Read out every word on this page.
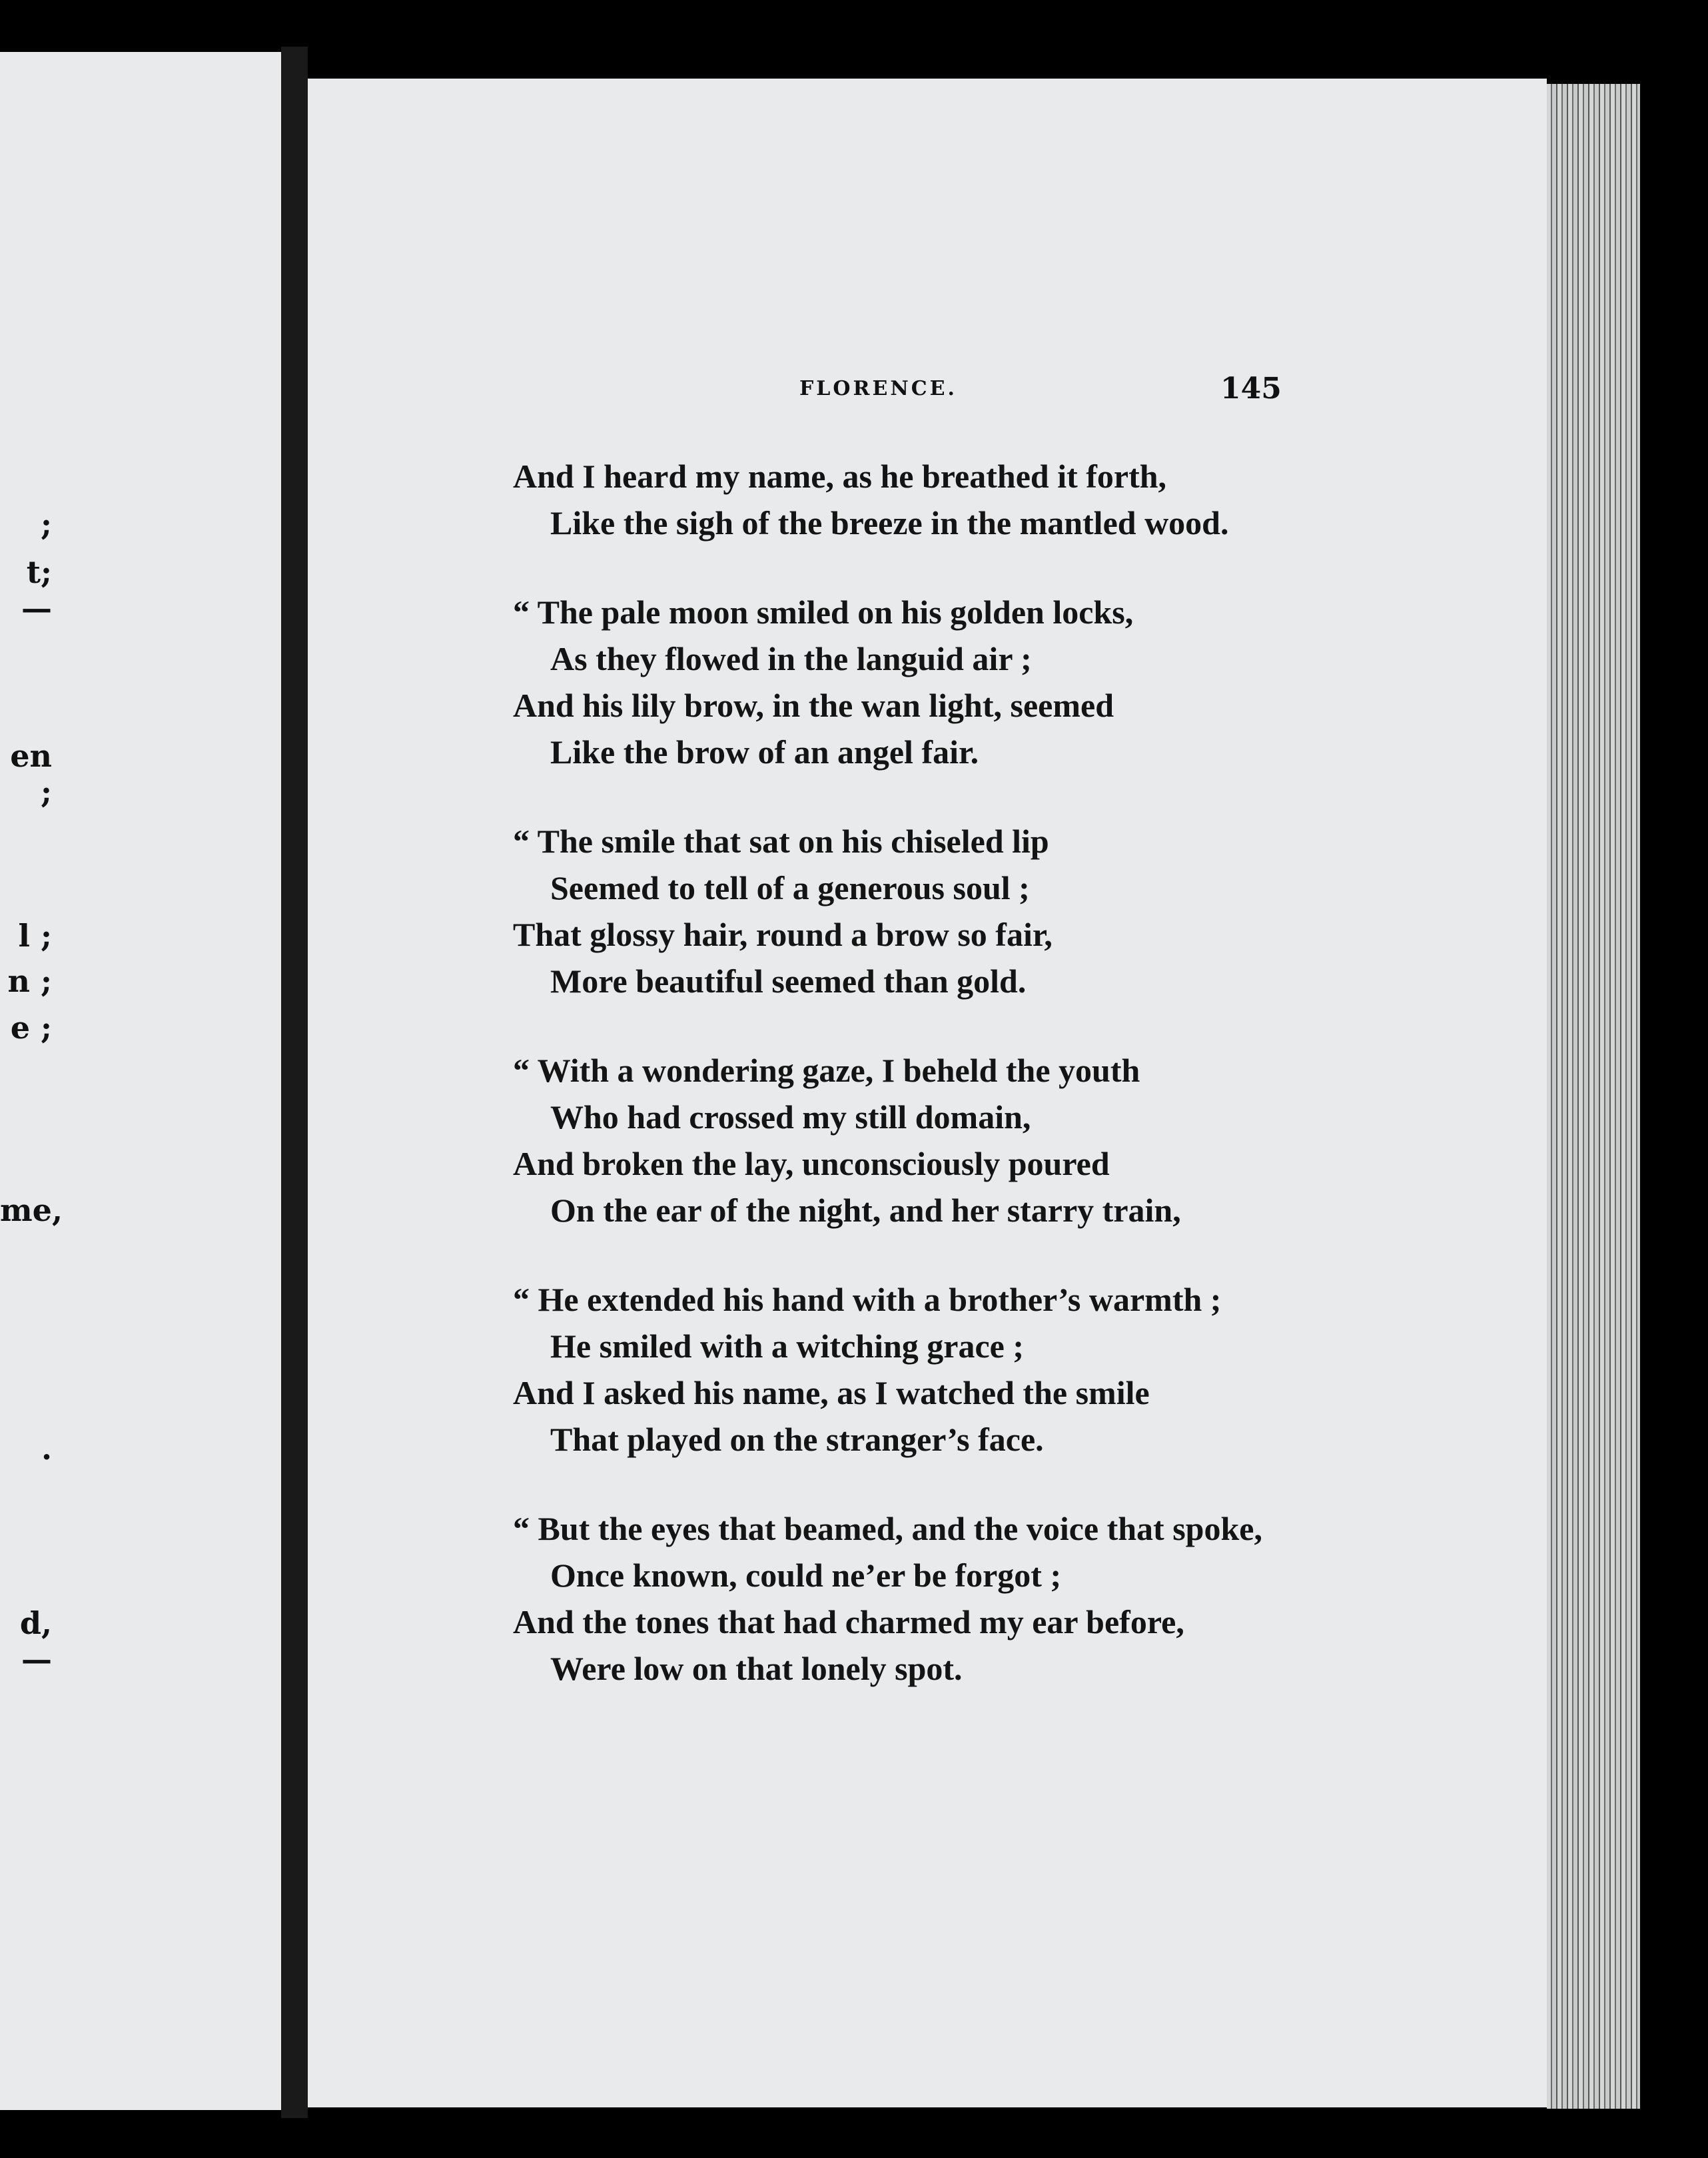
;
t;—
en ;
l ;
n ;
e ;
me,
.
d,—
FLORENCE.	145
And I heard my name, as he breathed it forth,
Like the sigh of the breeze in the mantled wood.
“ The pale moon smiled on his golden locks,
As they flowed in the languid air ;
And his lily brow, in the wan light, seemed
Like the brow of an angel fair.
“ The smile that sat on his chiseled lip
Seemed to tell of a generous soul ;
That glossy hair, round a brow so fair,
More beautiful seemed than gold.
“ With a wondering gaze, I beheld the youth
Who had crossed my still domain,
And broken the lay, unconsciously poured
On the ear of the night, and her starry train,
“ He extended his hand with a brother’s warmth ;
He smiled with a witching grace ;
And I asked his name, as I watched the smile
That played on the stranger’s face.
“ But the eyes that beamed, and the voice that spoke,
Once known, could ne’er be forgot ;
And the tones that had charmed my ear before,
Were low on that lonely spot.
